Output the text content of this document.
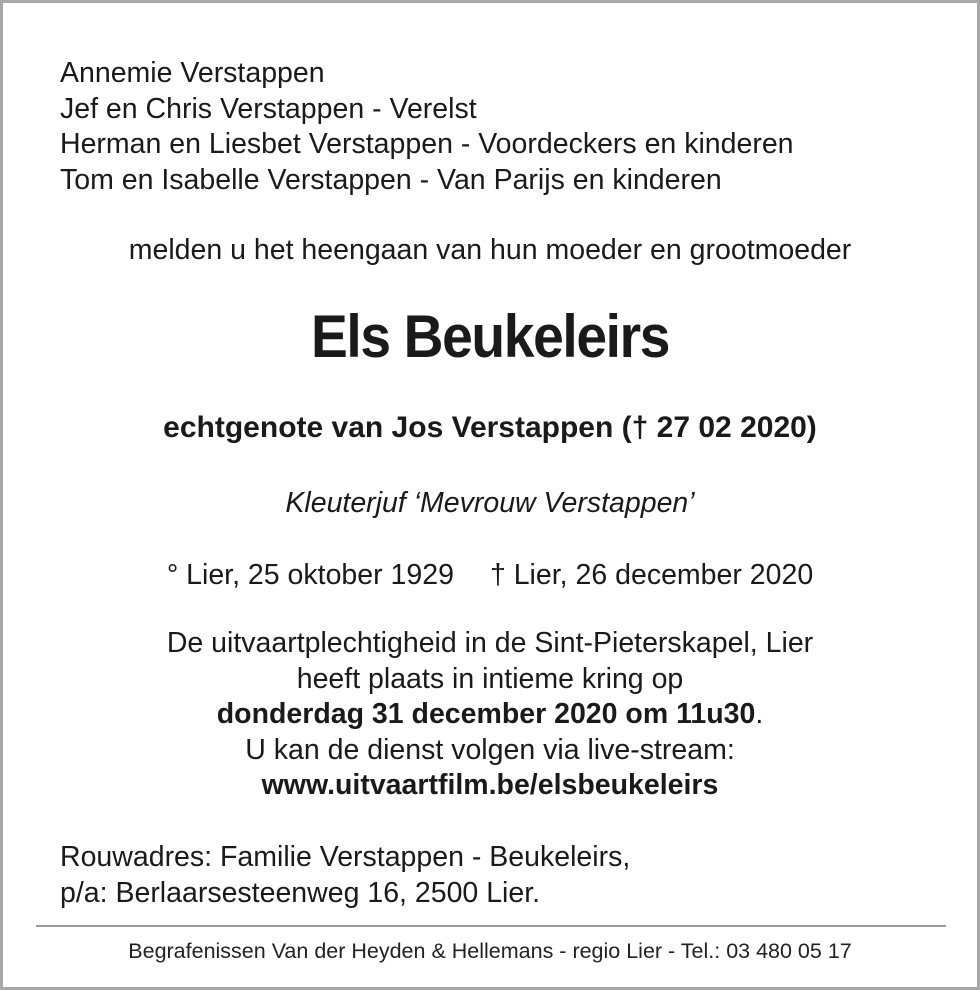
Annemie Verstappen
Jef en Chris Verstappen - Verelst
Herman en Liesbet Verstappen - Voordeckers en kinderen
Tom en Isabelle Verstappen - Van Parijs en kinderen
melden u het heengaan van hun moeder en grootmoeder
Els Beukeleirs
echtgenote van Jos Verstappen († 27 02 2020)
Kleuterjuf ‘Mevrouw Verstappen’
° Lier, 25 oktober 1929 † Lier, 26 december 2020
De uitvaartplechtigheid in de Sint-Pieterskapel, Lier
heeft plaats in intieme kring op
donderdag 31 december 2020 om 11u30.
U kan de dienst volgen via live-stream:
www.uitvaartfilm.be/elsbeukeleirs
Rouwadres: Familie Verstappen - Beukeleirs,
p/a: Berlaarsesteenweg 16, 2500 Lier.
Begrafenissen Van der Heyden & Hellemans - regio Lier - Tel.: 03 480 05 17
